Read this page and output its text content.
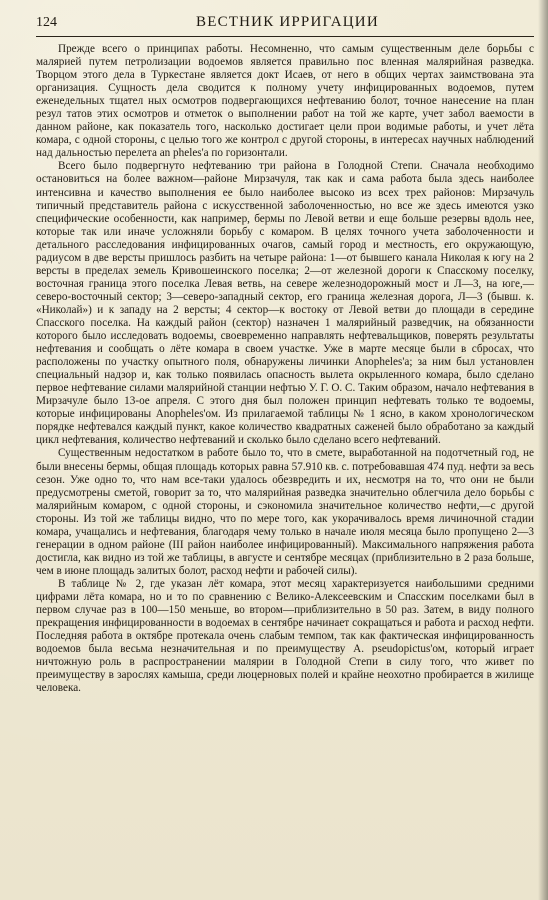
124	ВЕСТНИК ИРРИГАЦИИ

Прежде всего о принципах работы. Несомненно, что самым существенным деле борьбы с малярией путем петролизации водоемов является правильно пос вленная малярийная разведка. Творцом этого дела в Туркестане является докт Исаев, от него в общих чертах заимствована эта организация. Сущность дела сводится к полному учету инфицированных водоемов, путем еженедельных тщател ных осмотров подвергающихся нефтеванию болот, точное нанесение на план резул татов этих осмотров и отметок о выполнении работ на той же карте, учет забол ваемости в данном районе, как показатель того, насколько достигает цели прои водимые работы, и учет лёта комара, с одной стороны, с целью того же контрол с другой стороны, в интересах научных наблюдений над дальностью перелета аn pheles'а по горизонтали.

Всего было подвергнуто нефтеванию три района в Голодной Степи. Сначала необходимо остановиться на более важном—районе Мирзачуля, так как и сама работа была здесь наиболее интенсивна и качество выполнения ее было наиболее высоко из всех трех районов: Мирзачуль типичный представитель района с искусственной заболоченностью, но все же здесь имеются узко специфические особенности, как например, бермы по Левой ветви и еще больше резервы вдоль нее, которые так или иначе усложняли борьбу с комаром. В целях точного учета заболоченности и детального расследования инфицированных очагов, самый город и местность, его окружающую, радиусом в две версты пришлось разбить на четыре района: 1—от бывшего канала Николая к югу на 2 версты в пределах земель Кривошеинского поселка; 2—от железной дороги к Спасскому поселку, восточная граница этого поселка Левая ветвь, на севере железнодорожный мост и Л—3, на юге,—северо-восточный сектор; 3—северо-западный сектор, его граница железная дорога, Л—3 (бывш. к. «Николай») и к западу на 2 версты; 4 сектор—к востоку от Левой ветви до площади в середине Спасского поселка. На каждый район (сектор) назначен 1 малярийный разведчик, на обязанности которого было исследовать водоемы, своевременно направлять нефтевальщиков, поверять результаты нефтевания и сообщать о лёте комара в своем участке. Уже в марте месяце были в сбросах, что расположены по участку опытного поля, обнаружены личинки Anopheles'а; за ним был установлен специальный надзор и, как только появилась опасность вылета окрыленного комара, было сделано первое нефтевание силами малярийной станции нефтью У. Г. О. С. Таким образом, начало нефтевания в Мирзачуле было 13-ое апреля. С этого дня был положен принцип нефтевать только те водоемы, которые инфицированы Anopheles'ом. Из прилагаемой таблицы № 1 ясно, в каком хронологическом порядке нефтевался каждый пункт, какое количество квадратных саженей было обработано за каждый цикл нефтевания, количество нефтеваний и сколько было сделано всего нефтеваний.

Существенным недостатком в работе было то, что в смете, выработанной на подотчетный год, не были внесены бермы, общая площадь которых равна 57.910 кв. с. потребовавшая 474 пуд. нефти за весь сезон. Уже одно то, что нам все-таки удалось обезвредить и их, несмотря на то, что они не были предусмотрены сметой, говорит за то, что малярийная разведка значительно облегчила дело борьбы с малярийным комаром, с одной стороны, и сэкономила значительное количество нефти,—с другой стороны. Из той же таблицы видно, что по мере того, как укорачивалось время личиночной стадии комара, учащались и нефтевания, благодаря чему только в начале июля месяца было пропущено 2—3 генерации в одном районе (III район наиболее инфицированный). Максимального напряжения работа достигла, как видно из той же таблицы, в августе и сентябре месяцах (приблизительно в 2 раза больше, чем в июне площадь залитых болот, расход нефти и рабочей силы).

В таблице № 2, где указан лёт комара, этот месяц характеризуется наибольшими средними цифрами лёта комара, но и то по сравнению с Велико-Алексеевским и Спасским поселками был в первом случае раз в 100—150 меньше, во втором—приблизительно в 50 раз. Затем, в виду полного прекращения инфицированности в водоемах в сентябре начинает сокращаться и работа и расход нефти. Последняя работа в октябре протекала очень слабым темпом, так как фактическая инфицированность водоемов была весьма незначительная и по преимуществу A. pseudopictus'ом, который играет ничтожную роль в распространении малярии в Голодной Степи в силу того, что живет по преимуществу в зарослях камыша, среди люцерновых полей и крайне неохотно пробирается в жилище человека.
